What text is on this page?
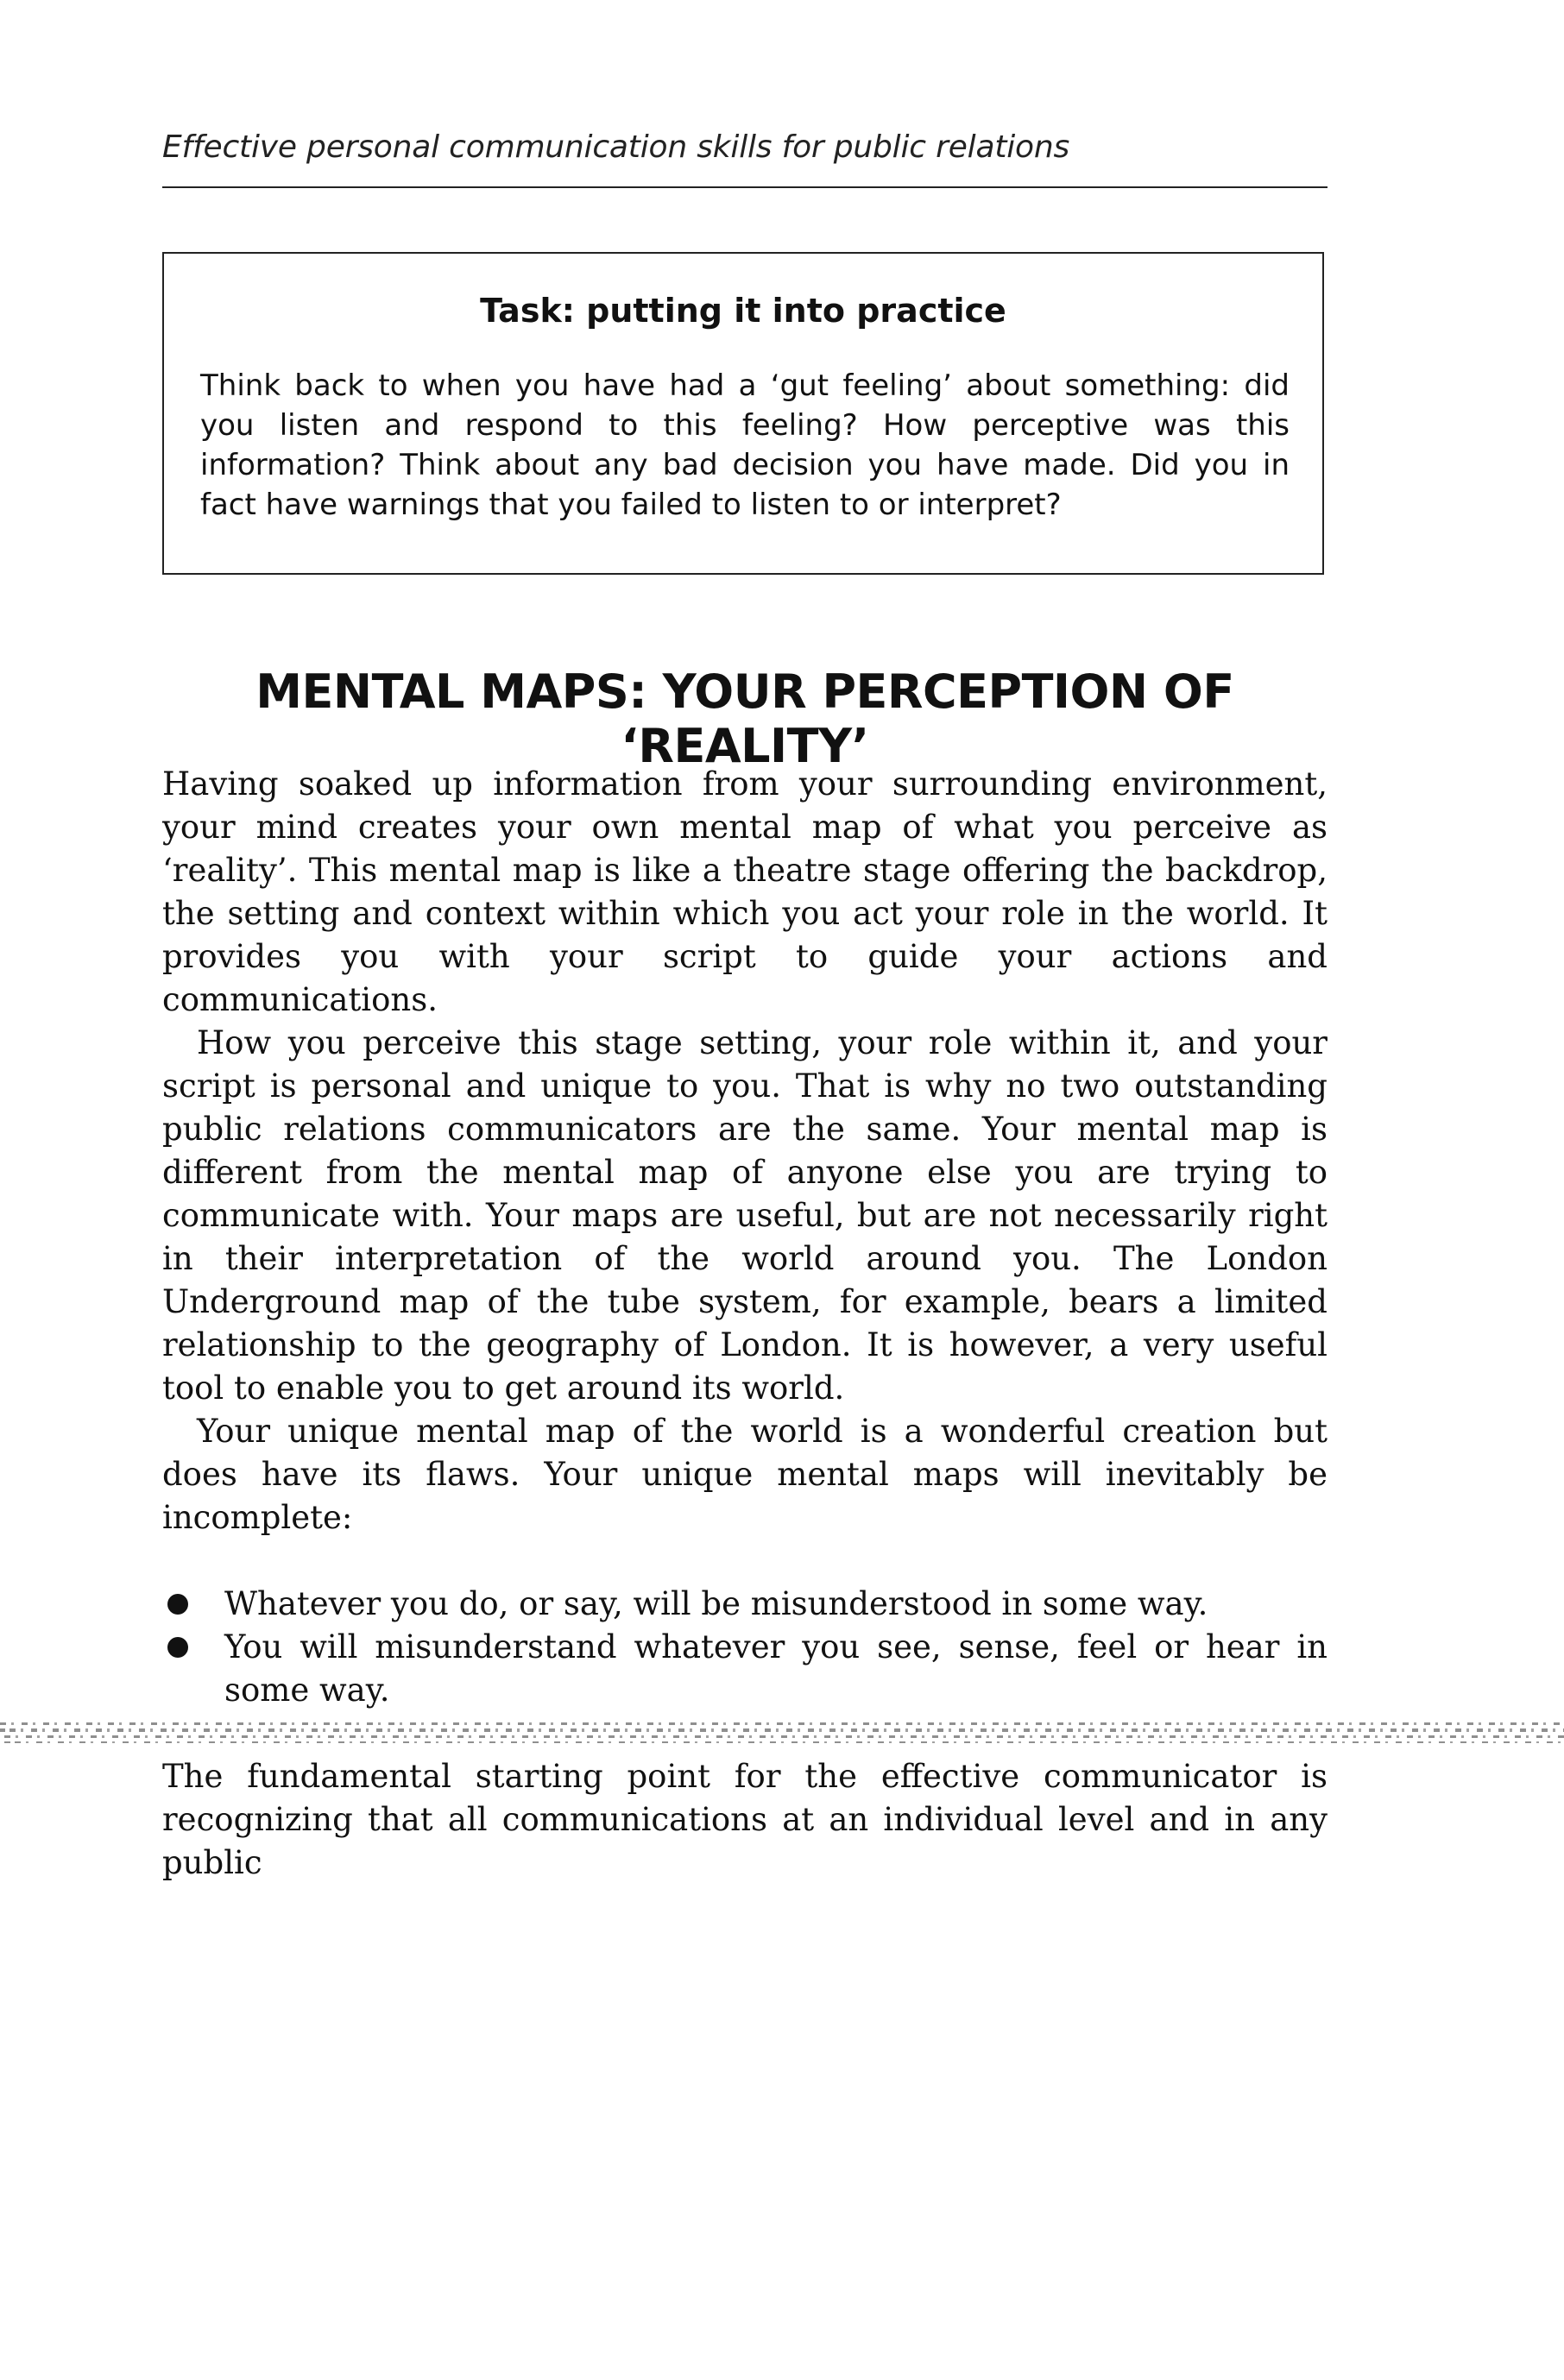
Effective personal communication skills for public relations
Task: putting it into practice

Think back to when you have had a ‘gut feeling’ about something: did you listen and respond to this feeling? How perceptive was this information? Think about any bad decision you have made. Did you in fact have warnings that you failed to listen to or interpret?

MENTAL MAPS: YOUR PERCEPTION OF ‘REALITY’

Having soaked up information from your surrounding environment, your mind creates your own mental map of what you perceive as ‘reality’. This mental map is like a theatre stage offering the backdrop, the setting and context within which you act your role in the world. It provides you with your script to guide your actions and communications.

How you perceive this stage setting, your role within it, and your script is personal and unique to you. That is why no two outstanding public relations communicators are the same. Your mental map is different from the mental map of anyone else you are trying to communicate with. Your maps are useful, but are not necessarily right in their interpretation of the world around you. The London Underground map of the tube system, for example, bears a limited relationship to the geography of London. It is however, a very useful tool to enable you to get around its world.

Your unique mental map of the world is a wonderful creation but does have its flaws. Your unique mental maps will inevitably be incomplete:

Whatever you do, or say, will be misunderstood in some way.
You will misunderstand whatever you see, sense, feel or hear in some way.

The fundamental starting point for the effective communicator is recognizing that all communications at an individual level and in any public
